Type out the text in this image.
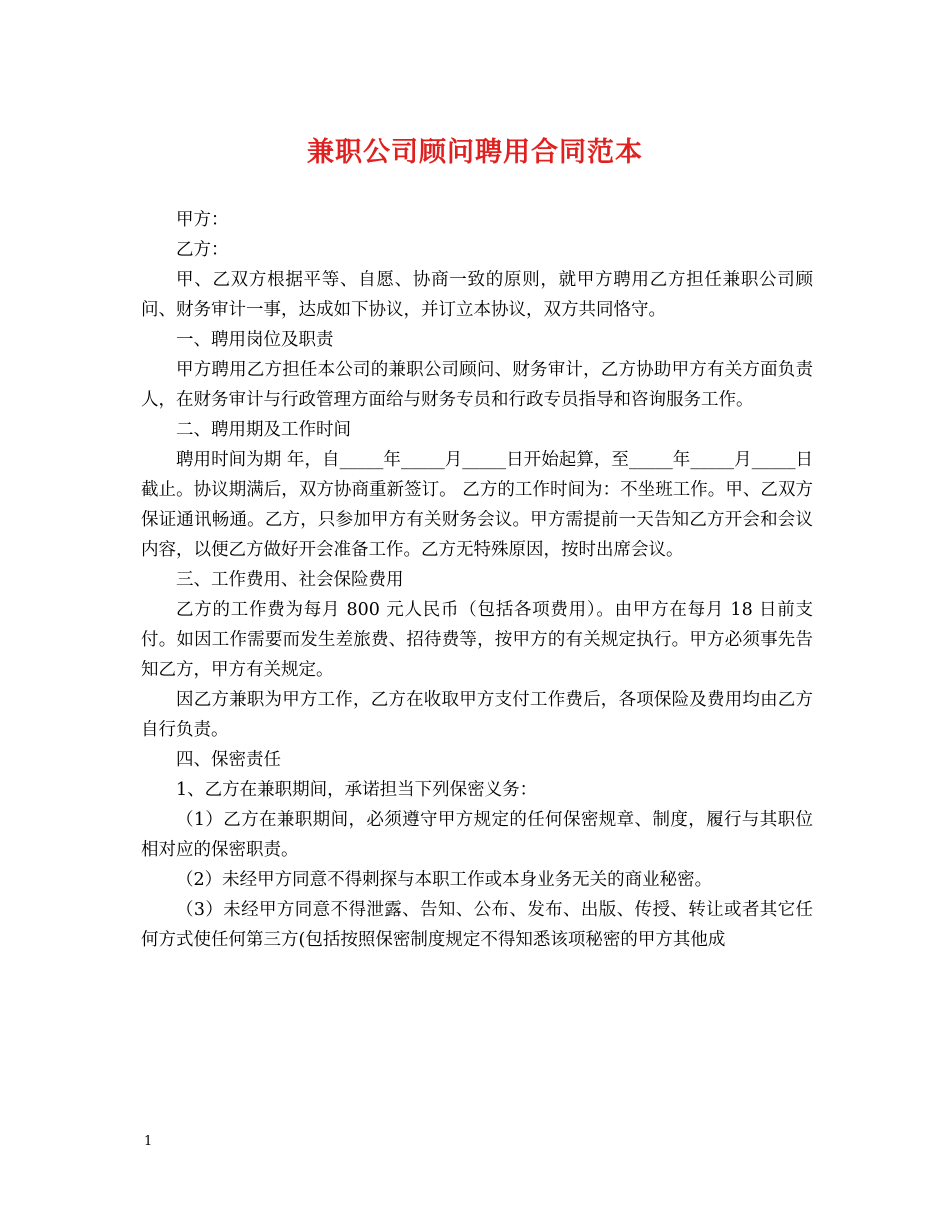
兼职公司顾问聘用合同范本

甲方：

乙方：

甲、乙双方根据平等、自愿、协商一致的原则，就甲方聘用乙方担任兼职公司顾问、财务审计一事，达成如下协议，并订立本协议，双方共同恪守。

一、聘用岗位及职责

甲方聘用乙方担任本公司的兼职公司顾问、财务审计，乙方协助甲方有关方面负责人，在财务审计与行政管理方面给与财务专员和行政专员指导和咨询服务工作。

二、聘用期及工作时间

聘用时间为期 年，自_____年_____月_____日开始起算，至_____年_____月_____日截止。协议期满后，双方协商重新签订。 乙方的工作时间为：不坐班工作。甲、乙双方保证通讯畅通。乙方，只参加甲方有关财务会议。甲方需提前一天告知乙方开会和会议内容，以便乙方做好开会准备工作。乙方无特殊原因，按时出席会议。

三、工作费用、社会保险费用

乙方的工作费为每月 800 元人民币（包括各项费用）。由甲方在每月 18 日前支付。如因工作需要而发生差旅费、招待费等，按甲方的有关规定执行。甲方必须事先告知乙方，甲方有关规定。

因乙方兼职为甲方工作，乙方在收取甲方支付工作费后，各项保险及费用均由乙方自行负责。

四、保密责任

1、乙方在兼职期间，承诺担当下列保密义务：

（1）乙方在兼职期间，必须遵守甲方规定的任何保密规章、制度，履行与其职位相对应的保密职责。

（2）未经甲方同意不得刺探与本职工作或本身业务无关的商业秘密。

（3）未经甲方同意不得泄露、告知、公布、发布、出版、传授、转让或者其它任何方式使任何第三方(包括按照保密制度规定不得知悉该项秘密的甲方其他成

1
